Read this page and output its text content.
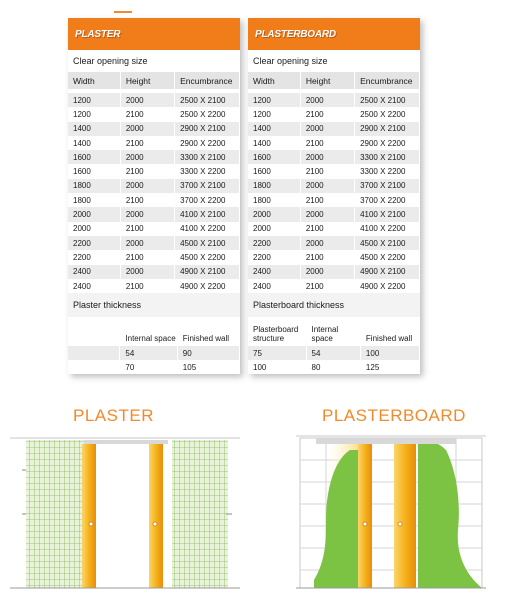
PLASTER
Clear opening size
Width	Height	Encumbrance

1200	2000	2500 X 2100
1200	2100	2500 X 2200
1400	2000	2900 X 2100
1400	2100	2900 X 2200
1600	2000	3300 X 2100
1600	2100	3300 X 2200
1800	2000	3700 X 2100
1800	2100	3700 X 2200
2000	2000	4100 X 2100
2000	2100	4100 X 2200
2200	2000	4500 X 2100
2200	2100	4500 X 2200
2400	2000	4900 X 2100
2400	2100	4900 X 2200
Plaster thickness
	Internal space	Finished wall
	54	90
	70	105
PLASTERBOARD
Clear opening size
Width	Height	Encumbrance

1200	2000	2500 X 2100
1200	2100	2500 X 2200
1400	2000	2900 X 2100
1400	2100	2900 X 2200
1600	2000	3300 X 2100
1600	2100	3300 X 2200
1800	2000	3700 X 2100
1800	2100	3700 X 2200
2000	2000	4100 X 2100
2000	2100	4100 X 2200
2200	2000	4500 X 2100
2200	2100	4500 X 2200
2400	2000	4900 X 2100
2400	2100	4900 X 2200
Plasterboard thickness
Plasterboard structure	Internal space	Finished wall
75	54	100
100	80	125
PLASTER	PLASTERBOARD
